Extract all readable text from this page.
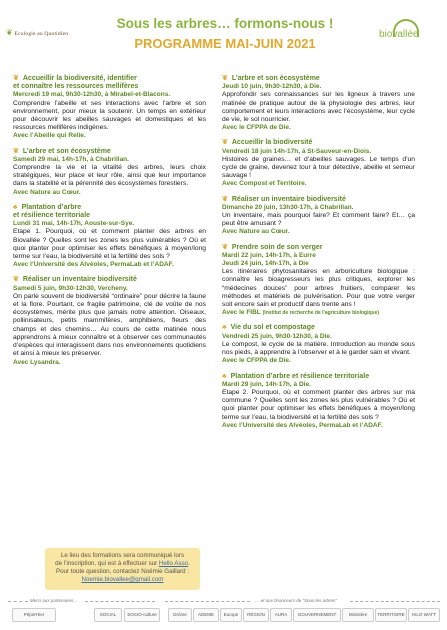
❦ Ecologie au Quotidien
Sous les arbres… formons-nous !
PROGRAMME MAI-JUIN 2021
biovallée
❦ Accueillir la biodiversité, identifier
et connaître les ressources mellifères
Mercredi 19 mai, 9h30-12h30, à Mirabel-et-Blacons.
Comprendre l’abeille et ses interactions avec l’arbre et son environnement, pour mieux la soutenir. Un temps en extérieur pour découvrir les abeilles sauvages et domestiques et les ressources mellifères indigènes.
Avec l’Abeille qui Relie.
❦ L’arbre et son écosystème
Samedi 29 mai, 14h-17h, à Chabrillan.
Comprendre la vie et la vitalité des arbres, leurs choix stratégiques, leur place et leur rôle, ainsi que leur importance dans la stabilité et la pérennité des écosystèmes forestiers.
Avec Nature au Cœur.
♣ Plantation d’arbre
et résilience territoriale
Lundi 31 mai, 14h-17h, Aouste-sur-Sye.
Etape 1. Pourquoi, où et comment planter des arbres en Biovallée ? Quelles sont les zones les plus vulnérables ? Où et quoi planter pour optimiser les effets bénéfiques à moyen/long terme sur l’eau, la biodiversité et la fertilité des sols ?
Avec l’Université des Alvéoles, PermaLab et l’ADAF.
❦ Réaliser un inventaire biodiversité
Samedi 5 juin, 9h30-12h30, Vercheny.
On parle souvent de biodiversité “ordinaire” pour décrire la faune et la flore. Pourtant, ce fragile patrimoine, clé de voûte de nos écosystèmes, mérite plus que jamais notre attention. Oiseaux, pollinisateurs, petits mammifères, amphibiens, fleurs des champs et des chemins… Au cours de cette matinée nous apprendrons à mieux connaître et à observer ces communautés d’espèces qui interagissent dans nos environnements quotidiens et ainsi à mieux les préserver.
Avec Lysandra.
❦ L’arbre et son écosystème
Jeudi 10 juin, 9h30-12h30, à Die.
Approfondir ses connaissances sur les ligneux à travers une matinée de pratique autour de la physiologie des arbres, leur comportement et leurs interactions avec l’écosystème, leur cycle de vie, le sol nourricier.
Avec le CFPPA de Die.
❦ Accueillir la biodiversité
Vendredi 18 juin 14h-17h, à St-Sauveur-en-Diois.
Histoires de graines… et d’abeilles sauvages. Le temps d’un cycle de graine, devenez tour à tour détective, abeille et semeur sauvage !
Avec Compost et Territoire.
❦ Réaliser un inventaire biodiversité
Dimanche 20 juin, 13h30-17h, à Chabrillan.
Un inventaire, mais pourquoi faire? Et comment faire? Et… ça peut être amusant ?
Avec Nature au Cœur.
❦ Prendre soin de son verger
Mardi 22 juin, 14h-17h, à Eurre
Jeudi 24 juin, 14h-17h, à Die
Les itinéraires phytosanitaires en arboriculture biologique : connaître les bioagresseurs les plus critiques, explorer les “médecines douces” pour arbres fruitiers, comparer les méthodes et matériels de pulvérisation. Pour que votre verger soit encore sain et productif dans trente ans !
Avec le FIBL (Institut de recherche de l’agriculture biologique)
♣ Vie du sol et compostage
Vendredi 25 juin, 9h30-12h30, à Die.
Le compost, le cycle de la matière. Introduction au monde sous nos pieds, à apprendre à l’observer et à le garder sain et vivant.
Avec le CFPPA de Die.
♣ Plantation d’arbre et résilience territoriale
Mardi 29 juin, 14h-17h, à Die.
Etape 2. Pourquoi, où et comment planter des arbres sur ma commune ? Quelles sont les zones les plus vulnérables ? Où et quoi planter pour optimiser les effets bénéfiques à moyen/long terme sur l’eau, la biodiversité et la fertilité des sols ?
Avec l’Université des Alvéoles, PermaLab et l’ADAF.
Le lieu des formations sera communiqué lors
de l’inscription, qui est à effectuer sur Hello Asso.
Pour toute question, contactez Noémie Gaillard :
Noemie.biovallee@gmail.com
Merci aux partenaires…	… et aux financeurs de “Sous les arbres”
Pépin'Hier	SOCIAL	SOCIO-culture	Drôme	ADEME	Europe	RÉGION	AURA	GOUVERNEMENT	Ministère	TERRITOIRE	KILO WATT
